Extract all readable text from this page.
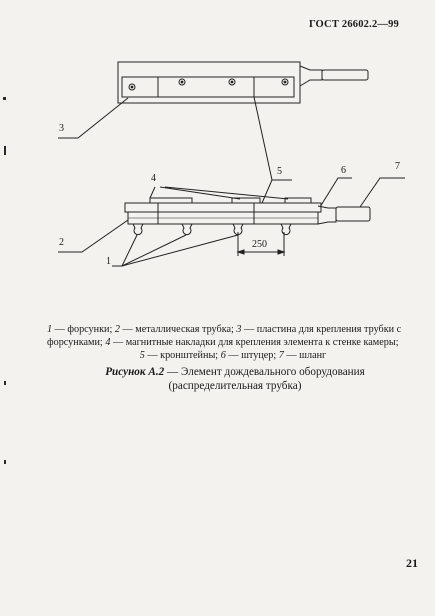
ГОСТ 26602.2—99
3
4
5	6	7
2
1
250
1 — форсунки; 2 — металлическая трубка; 3 — пластина для крепления трубки с
форсунками; 4 — магнитные накладки для крепления элемента к стенке камеры;
5 — кронштейны; 6 — штуцер; 7 — шланг
Рисунок А.2 — Элемент дождевального оборудования
(распределительная трубка)
21
